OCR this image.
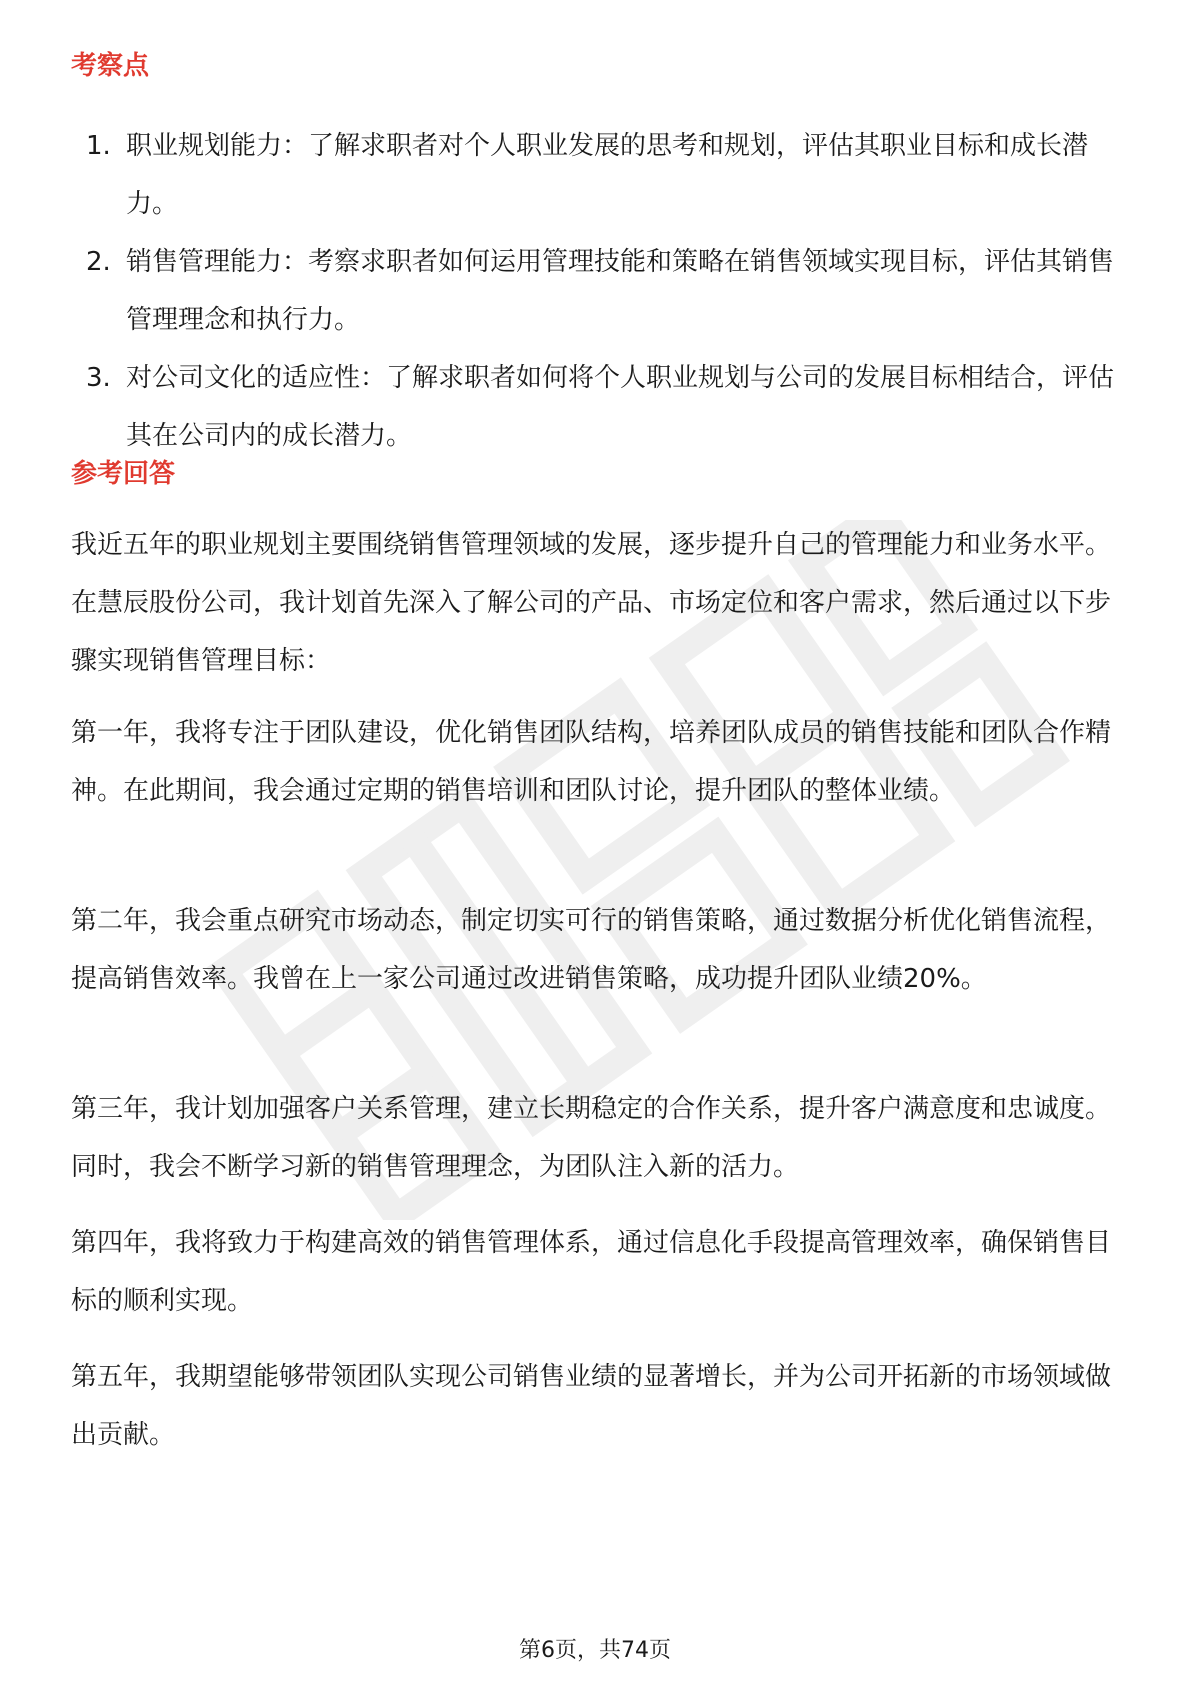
考察点
1. 职业规划能力：了解求职者对个人职业发展的思考和规划，评估其职业目标和成长潜力。
2. 销售管理能力：考察求职者如何运用管理技能和策略在销售领域实现目标，评估其销售管理理念和执行力。
3. 对公司文化的适应性：了解求职者如何将个人职业规划与公司的发展目标相结合，评估其在公司内的成长潜力。
参考回答

我近五年的职业规划主要围绕销售管理领域的发展，逐步提升自己的管理能力和业务水平。在慧辰股份公司，我计划首先深入了解公司的产品、市场定位和客户需求，然后通过以下步骤实现销售管理目标：

第一年，我将专注于团队建设，优化销售团队结构，培养团队成员的销售技能和团队合作精神。在此期间，我会通过定期的销售培训和团队讨论，提升团队的整体业绩。

第二年，我会重点研究市场动态，制定切实可行的销售策略，通过数据分析优化销售流程，提高销售效率。我曾在上一家公司通过改进销售策略，成功提升团队业绩20%。

第三年，我计划加强客户关系管理，建立长期稳定的合作关系，提升客户满意度和忠诚度。同时，我会不断学习新的销售管理理念，为团队注入新的活力。

第四年，我将致力于构建高效的销售管理体系，通过信息化手段提高管理效率，确保销售目标的顺利实现。

第五年，我期望能够带领团队实现公司销售业绩的显著增长，并为公司开拓新的市场领域做出贡献。

第6页，共74页
